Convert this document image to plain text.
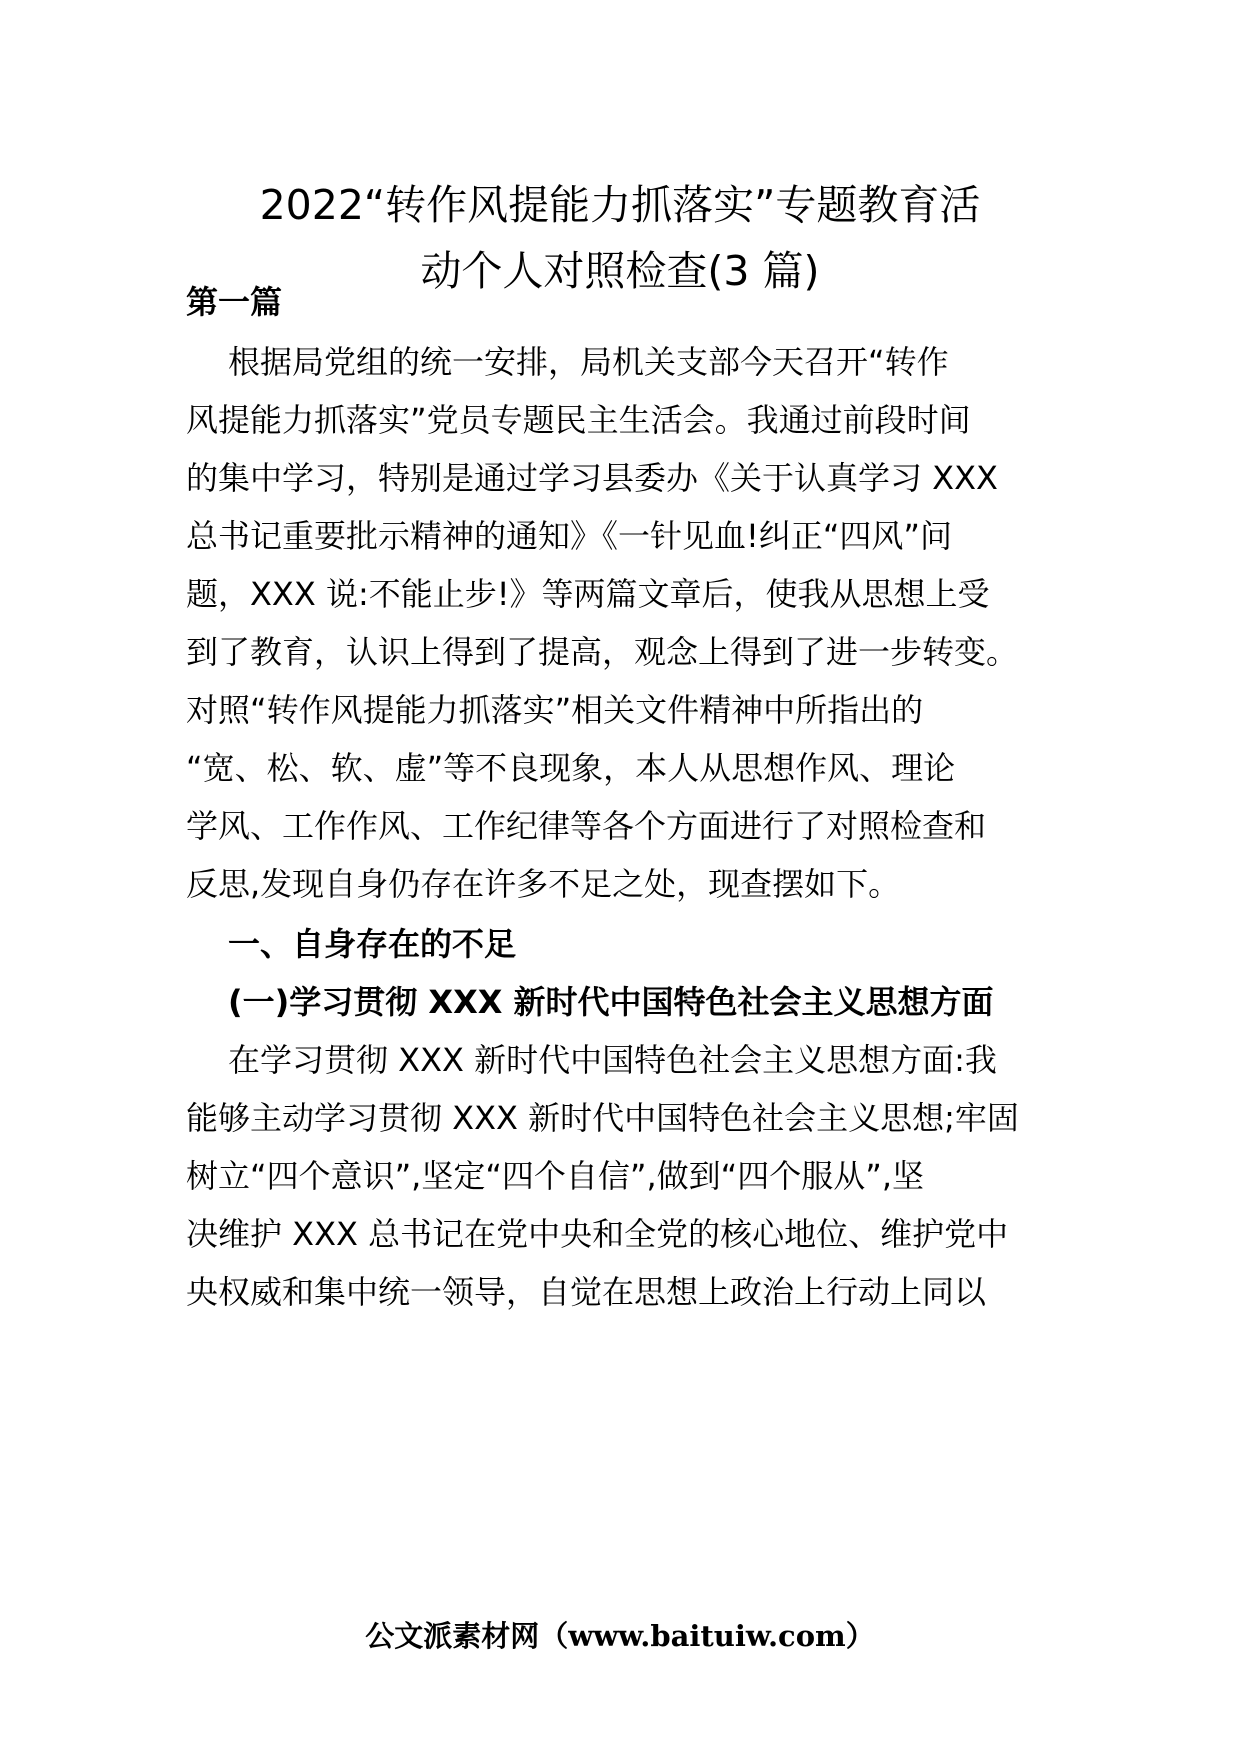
2022“转作风提能力抓落实”专题教育活
动个人对照检查(3 篇)
第一篇
根据局党组的统一安排，局机关支部今天召开“转作
风提能力抓落实”党员专题民主生活会。我通过前段时间
的集中学习，特别是通过学习县委办《关于认真学习 XXX
总书记重要批示精神的通知》《一针见血!纠正“四风”问
题，XXX 说:不能止步!》等两篇文章后，使我从思想上受
到了教育，认识上得到了提高，观念上得到了进一步转变。
对照“转作风提能力抓落实”相关文件精神中所指出的
“宽、松、软、虚”等不良现象，本人从思想作风、理论
学风、工作作风、工作纪律等各个方面进行了对照检查和
反思,发现自身仍存在许多不足之处，现查摆如下。
一、自身存在的不足
(一)学习贯彻 XXX 新时代中国特色社会主义思想方面
在学习贯彻 XXX 新时代中国特色社会主义思想方面:我
能够主动学习贯彻 XXX 新时代中国特色社会主义思想;牢固
树立“四个意识”,坚定“四个自信”,做到“四个服从”,坚
决维护 XXX 总书记在党中央和全党的核心地位、维护党中
央权威和集中统一领导，自觉在思想上政治上行动上同以
公文派素材网（www.baituiw.com）
